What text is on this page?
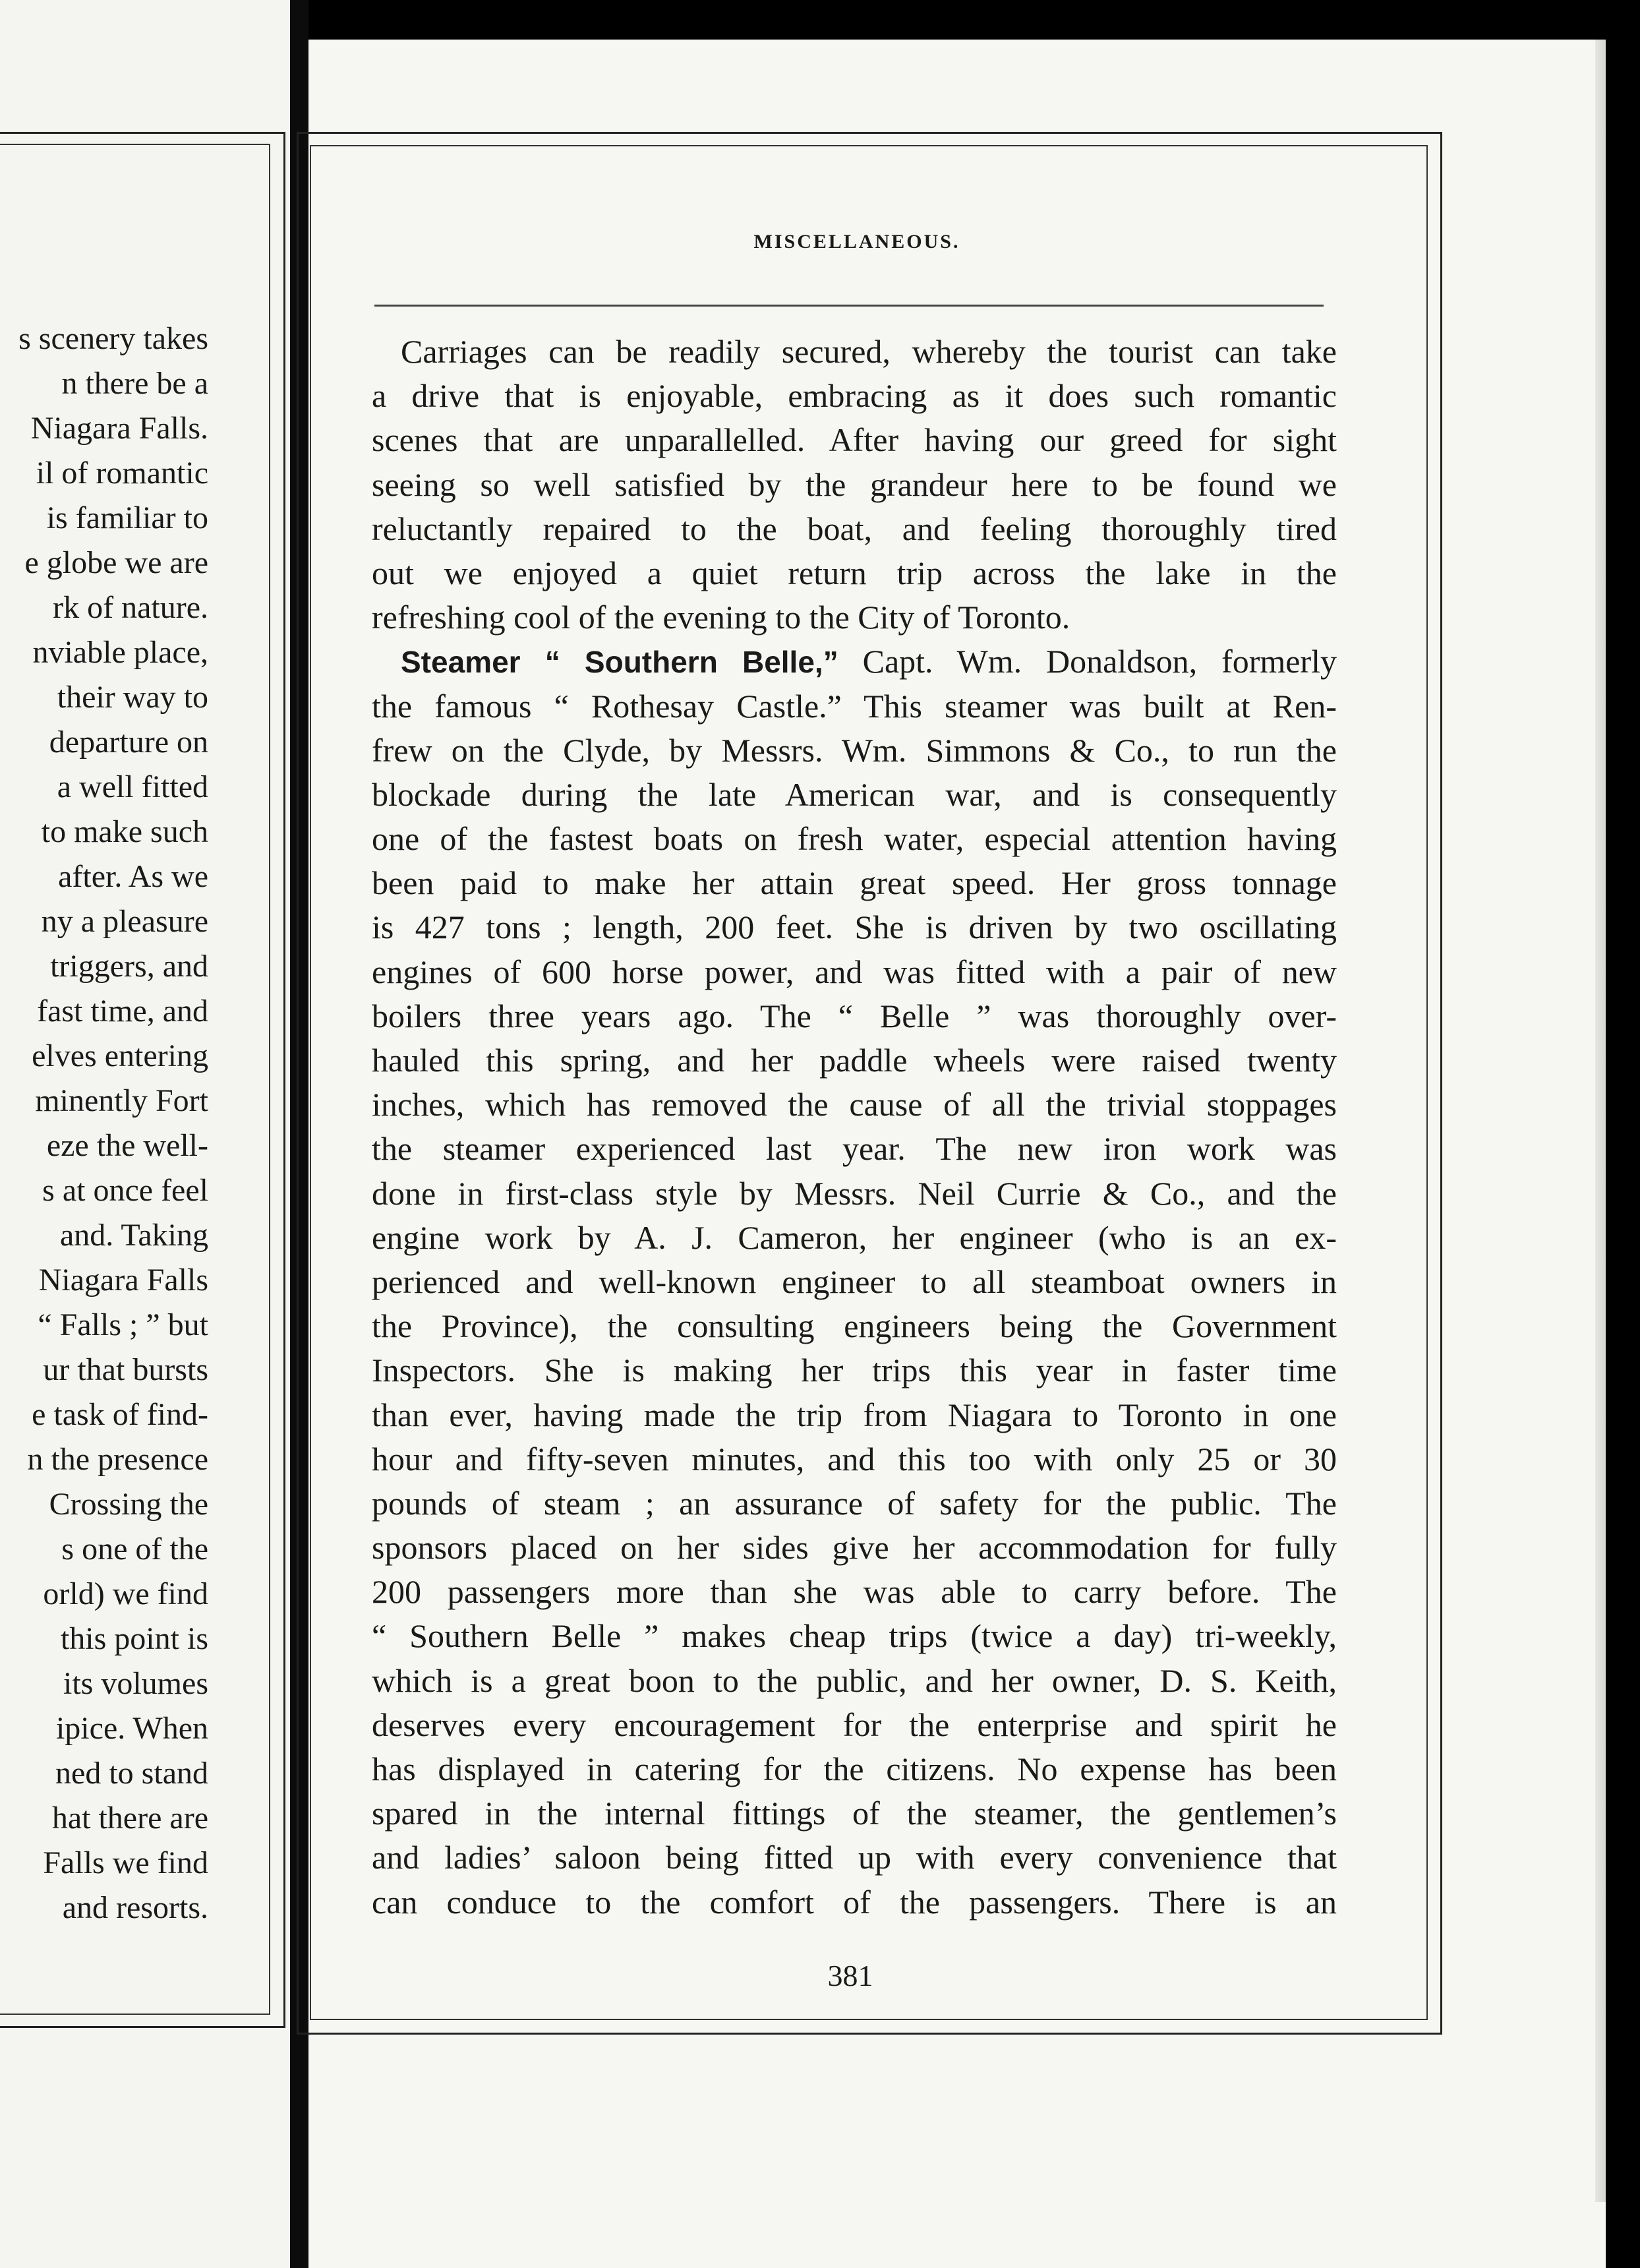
s scenery takes
n there be a
Niagara Falls.
il of romantic
is familiar to
e globe we are
rk of nature.
nviable place,
their way to
departure on
a well fitted
to make such
after. As we
ny a pleasure
triggers, and
fast time, and
elves entering
minently Fort
eze the well-
s at once feel
and. Taking
Niagara Falls
“ Falls ; ” but
ur that bursts
e task of find-
n the presence
Crossing the
s one of the
orld) we find
this point is
its volumes
ipice. When
ned to stand
hat there are
Falls we find
and resorts.
MISCELLANEOUS.
Carriages can be readily secured, whereby the tourist can take
a drive that is enjoyable, embracing as it does such romantic
scenes that are unparallelled. After having our greed for sight
seeing so well satisfied by the grandeur here to be found we
reluctantly repaired to the boat, and feeling thoroughly tired
out we enjoyed a quiet return trip across the lake in the
refreshing cool of the evening to the City of Toronto.
Steamer “ Southern Belle,” Capt. Wm. Donaldson, formerly
the famous “ Rothesay Castle.” This steamer was built at Ren-
frew on the Clyde, by Messrs. Wm. Simmons & Co., to run the
blockade during the late American war, and is consequently
one of the fastest boats on fresh water, especial attention having
been paid to make her attain great speed. Her gross tonnage
is 427 tons ; length, 200 feet. She is driven by two oscillating
engines of 600 horse power, and was fitted with a pair of new
boilers three years ago. The “ Belle ” was thoroughly over-
hauled this spring, and her paddle wheels were raised twenty
inches, which has removed the cause of all the trivial stoppages
the steamer experienced last year. The new iron work was
done in first-class style by Messrs. Neil Currie & Co., and the
engine work by A. J. Cameron, her engineer (who is an ex-
perienced and well-known engineer to all steamboat owners in
the Province), the consulting engineers being the Government
Inspectors. She is making her trips this year in faster time
than ever, having made the trip from Niagara to Toronto in one
hour and fifty-seven minutes, and this too with only 25 or 30
pounds of steam ; an assurance of safety for the public. The
sponsors placed on her sides give her accommodation for fully
200 passengers more than she was able to carry before. The
“ Southern Belle ” makes cheap trips (twice a day) tri-weekly,
which is a great boon to the public, and her owner, D. S. Keith,
deserves every encouragement for the enterprise and spirit he
has displayed in catering for the citizens. No expense has been
spared in the internal fittings of the steamer, the gentlemen’s
and ladies’ saloon being fitted up with every convenience that
can conduce to the comfort of the passengers. There is an
381
